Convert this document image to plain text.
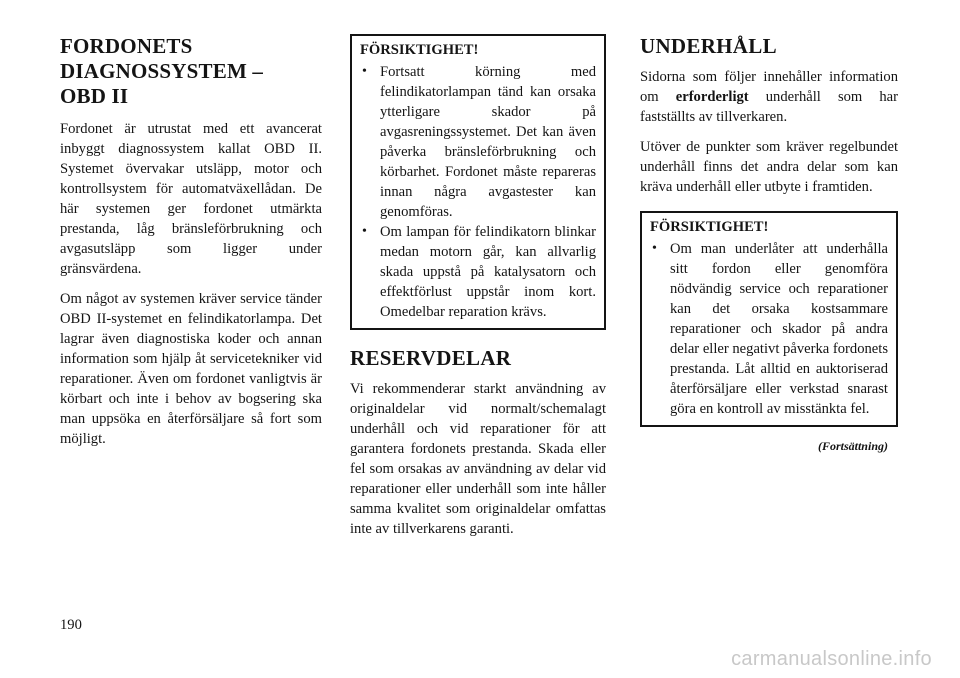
FORDONETS
DIAGNOSSYSTEM –
OBD II

Fordonet är utrustat med ett avancerat inbyggt diagnossystem kallat OBD II. Systemet övervakar utsläpp, motor och kontrollsystem för automatväxellådan. De här systemen ger fordonet utmärkta prestanda, låg bränsleförbrukning och avgasutsläpp som ligger under gränsvärdena.

Om något av systemen kräver service tänder OBD II-systemet en felindikatorlampa. Det lagrar även diagnostiska koder och annan information som hjälp åt servicetekniker vid reparationer. Även om fordonet vanligtvis är körbart och inte i behov av bogsering ska man uppsöka en återförsäljare så fort som möjligt.

FÖRSIKTIGHET!
• Fortsatt körning med felindikatorlampan tänd kan orsaka ytterligare skador på avgasreningssystemet. Det kan även påverka bränsleförbrukning och körbarhet. Fordonet måste repareras innan några avgastester kan genomföras.
• Om lampan för felindikatorn blinkar medan motorn går, kan allvarlig skada uppstå på katalysatorn och effektförlust uppstår inom kort. Omedelbar reparation krävs.
RESERVDELAR

Vi rekommenderar starkt användning av originaldelar vid normalt/schemalagt underhåll och vid reparationer för att garantera fordonets prestanda. Skada eller fel som orsakas av användning av delar vid reparationer eller underhåll som inte håller samma kvalitet som originaldelar omfattas inte av tillverkarens garanti.

UNDERHÅLL

Sidorna som följer innehåller information om erforderligt underhåll som har fastställts av tillverkaren.

Utöver de punkter som kräver regelbundet underhåll finns det andra delar som kan kräva underhåll eller utbyte i framtiden.

FÖRSIKTIGHET!
• Om man underlåter att underhålla sitt fordon eller genomföra nödvändig service och reparationer kan det orsaka kostsammare reparationer och skador på andra delar eller negativt påverka fordonets prestanda. Låt alltid en auktoriserad återförsäljare eller verkstad snarast göra en kontroll av misstänkta fel.
(Fortsättning)
190
carmanualsonline.info
